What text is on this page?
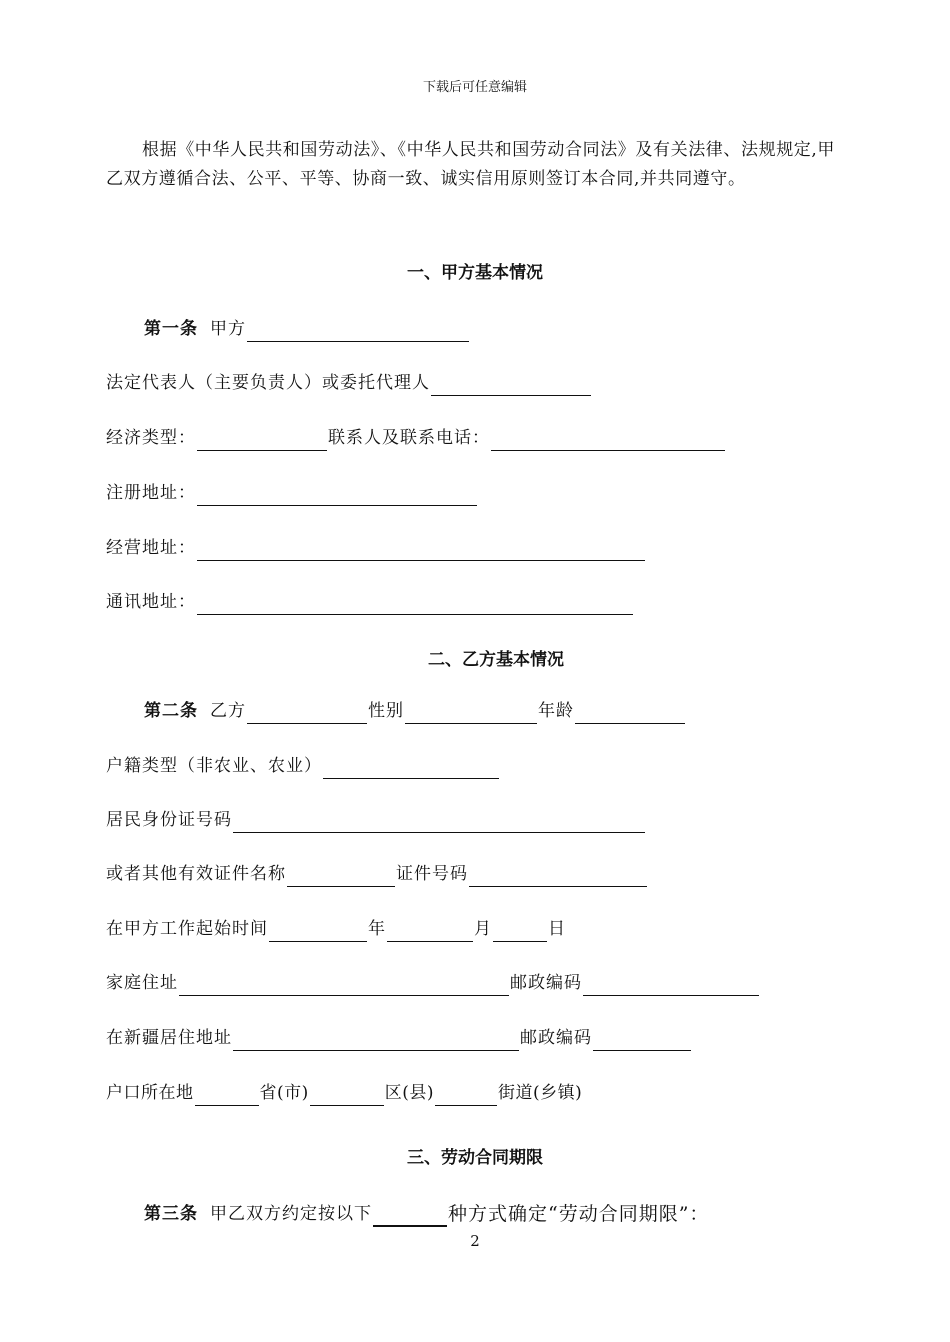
下载后可任意编辑

根据《中华人民共和国劳动法》、《中华人民共和国劳动合同法》及有关法律、法规规定,甲乙双方遵循合法、公平、平等、协商一致、诚实信用原则签订本合同,并共同遵守。

一、甲方基本情况
第一条 甲方
法定代表人（主要负责人）或委托代理人
经济类型：	联系人及联系电话：
注册地址：
经营地址：
通讯地址：
二、乙方基本情况
第二条 乙方	性别	年龄
户籍类型（非农业、农业）
居民身份证号码
或者其他有效证件名称	证件号码
在甲方工作起始时间	年	月	日
家庭住址	邮政编码
在新疆居住地址	邮政编码
户口所在地	省(市)	区(县)	街道(乡镇)
三、劳动合同期限
第三条 甲乙双方约定按以下	种方式确定“劳动合同期限”：
2
